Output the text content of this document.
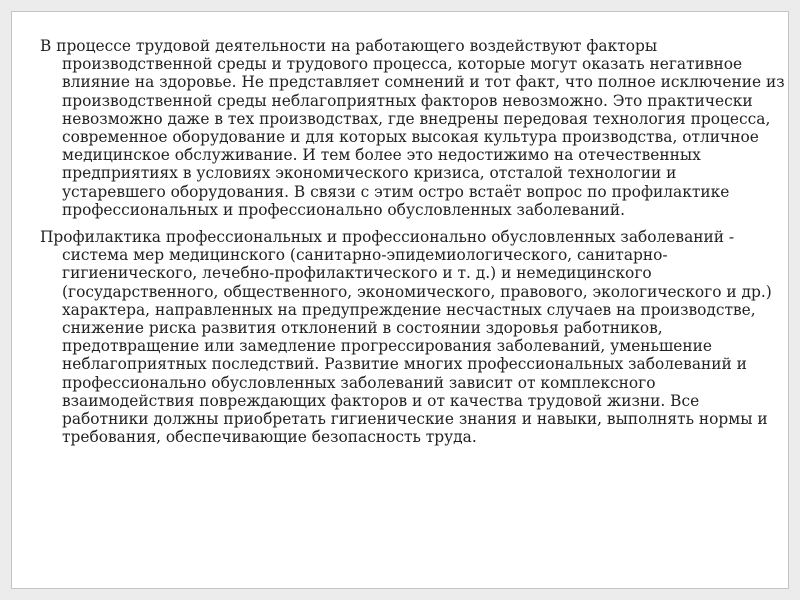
В процессе трудовой деятельности на работающего воздействуют факторы производственной среды и трудового процесса, которые могут оказать негативное влияние на здоровье. Не представляет сомнений и тот факт, что полное исключение из производственной среды неблагоприятных факторов невозможно. Это практически невозможно даже в тех производствах, где внедрены передовая технология процесса, современное оборудование и для которых высокая культура производства, отличное медицинское обслуживание. И тем более это недостижимо на отечественных предприятиях в условиях экономического кризиса, отсталой технологии и устаревшего оборудования. В связи с этим остро встаёт вопрос по профилактике профессиональных и профессионально обусловленных заболеваний.

Профилактика профессиональных и профессионально обусловленных заболеваний - система мер медицинского (санитарно-эпидемиологического, санитарно-гигиенического, лечебно-профилактического и т. д.) и немедицинского (государственного, общественного, экономического, правового, экологического и др.) характера, направленных на предупреждение несчастных случаев на производстве, снижение риска развития отклонений в состоянии здоровья работников, предотвращение или замедление прогрессирования заболеваний, уменьшение неблагоприятных последствий. Развитие многих профессиональных заболеваний и профессионально обусловленных заболеваний зависит от комплексного взаимодействия повреждающих факторов и от качества трудовой жизни. Все работники должны приобретать гигиенические знания и навыки, выполнять нормы и требования, обеспечивающие безопасность труда.
